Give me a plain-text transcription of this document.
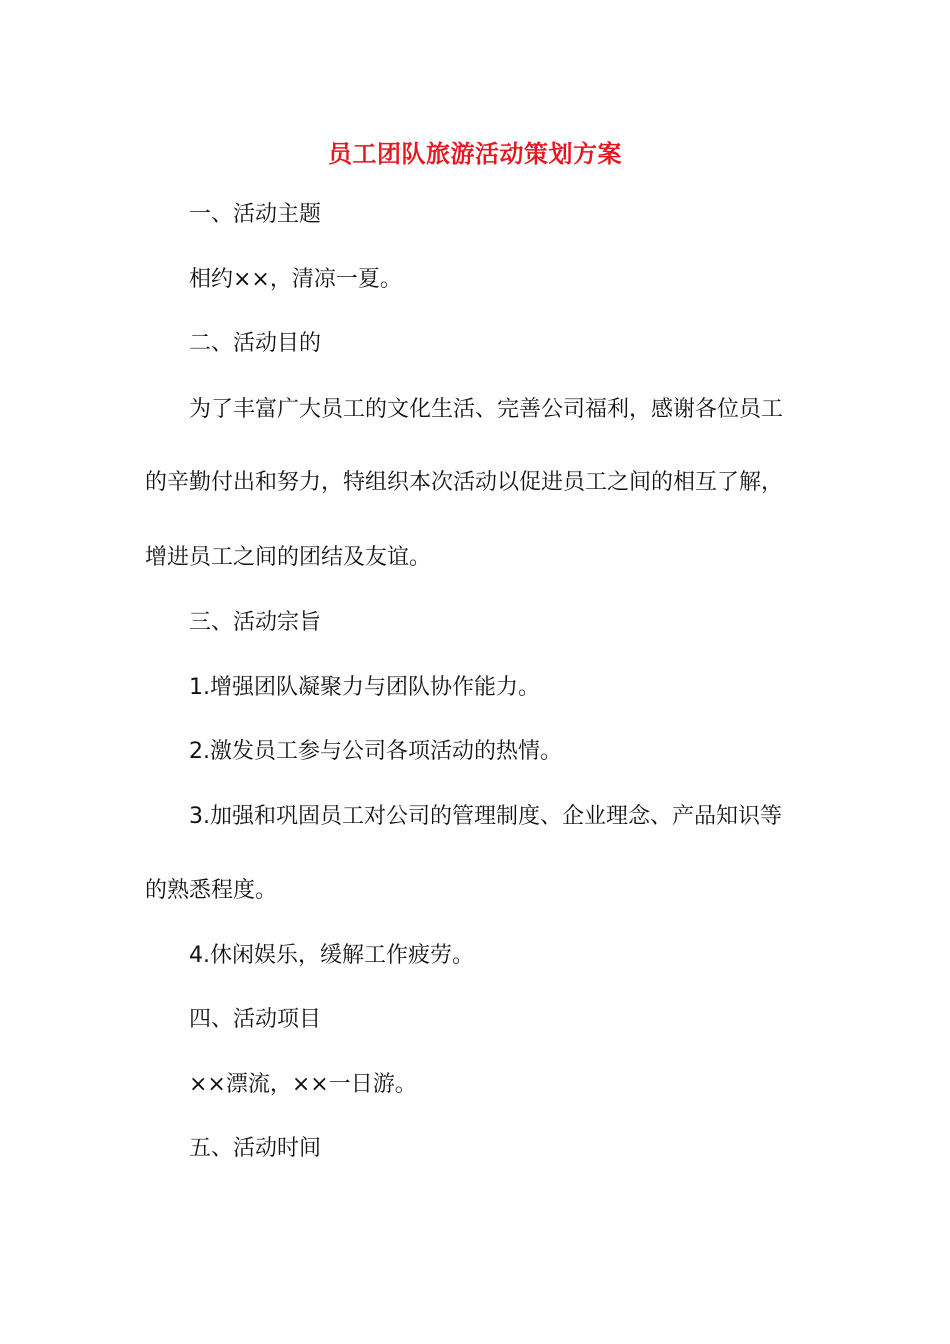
员工团队旅游活动策划方案
一、活动主题
相约××，清凉一夏。
二、活动目的
为了丰富广大员工的文化生活、完善公司福利，感谢各位员工
的辛勤付出和努力，特组织本次活动以促进员工之间的相互了解，
增进员工之间的团结及友谊。
三、活动宗旨
1.增强团队凝聚力与团队协作能力。
2.激发员工参与公司各项活动的热情。
3.加强和巩固员工对公司的管理制度、企业理念、产品知识等
的熟悉程度。
4.休闲娱乐，缓解工作疲劳。
四、活动项目
××漂流，××一日游。
五、活动时间
